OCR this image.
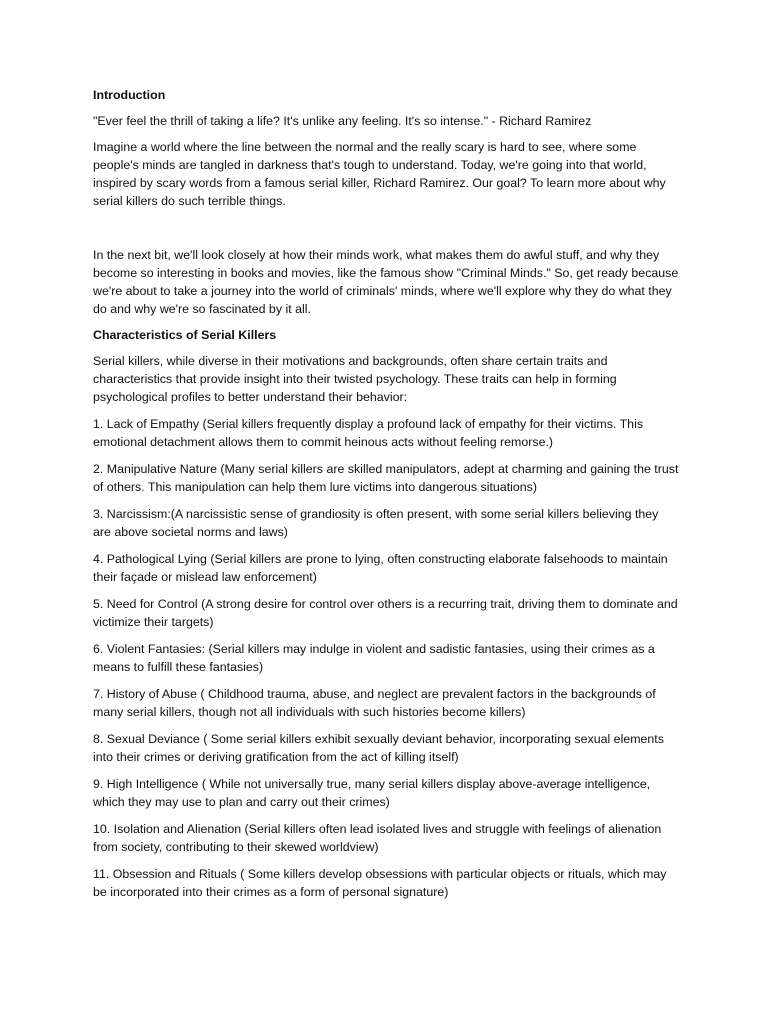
Introduction

"Ever feel the thrill of taking a life? It's unlike any feeling. It's so intense." - Richard Ramirez

Imagine a world where the line between the normal and the really scary is hard to see, where some people's minds are tangled in darkness that's tough to understand. Today, we're going into that world, inspired by scary words from a famous serial killer, Richard Ramirez. Our goal? To learn more about why serial killers do such terrible things.

In the next bit, we'll look closely at how their minds work, what makes them do awful stuff, and why they become so interesting in books and movies, like the famous show "Criminal Minds." So, get ready because we're about to take a journey into the world of criminals' minds, where we'll explore why they do what they do and why we're so fascinated by it all.

Characteristics of Serial Killers

Serial killers, while diverse in their motivations and backgrounds, often share certain traits and characteristics that provide insight into their twisted psychology. These traits can help in forming psychological profiles to better understand their behavior:

1. Lack of Empathy (Serial killers frequently display a profound lack of empathy for their victims. This emotional detachment allows them to commit heinous acts without feeling remorse.)

2. Manipulative Nature (Many serial killers are skilled manipulators, adept at charming and gaining the trust of others. This manipulation can help them lure victims into dangerous situations)

3. Narcissism:(A narcissistic sense of grandiosity is often present, with some serial killers believing they are above societal norms and laws)

4. Pathological Lying (Serial killers are prone to lying, often constructing elaborate falsehoods to maintain their façade or mislead law enforcement)

5. Need for Control (A strong desire for control over others is a recurring trait, driving them to dominate and victimize their targets)

6. Violent Fantasies: (Serial killers may indulge in violent and sadistic fantasies, using their crimes as a means to fulfill these fantasies)

7. History of Abuse ( Childhood trauma, abuse, and neglect are prevalent factors in the backgrounds of many serial killers, though not all individuals with such histories become killers)

8. Sexual Deviance ( Some serial killers exhibit sexually deviant behavior, incorporating sexual elements into their crimes or deriving gratification from the act of killing itself)

9. High Intelligence ( While not universally true, many serial killers display above-average intelligence, which they may use to plan and carry out their crimes)

10. Isolation and Alienation (Serial killers often lead isolated lives and struggle with feelings of alienation from society, contributing to their skewed worldview)

11. Obsession and Rituals ( Some killers develop obsessions with particular objects or rituals, which may be incorporated into their crimes as a form of personal signature)
